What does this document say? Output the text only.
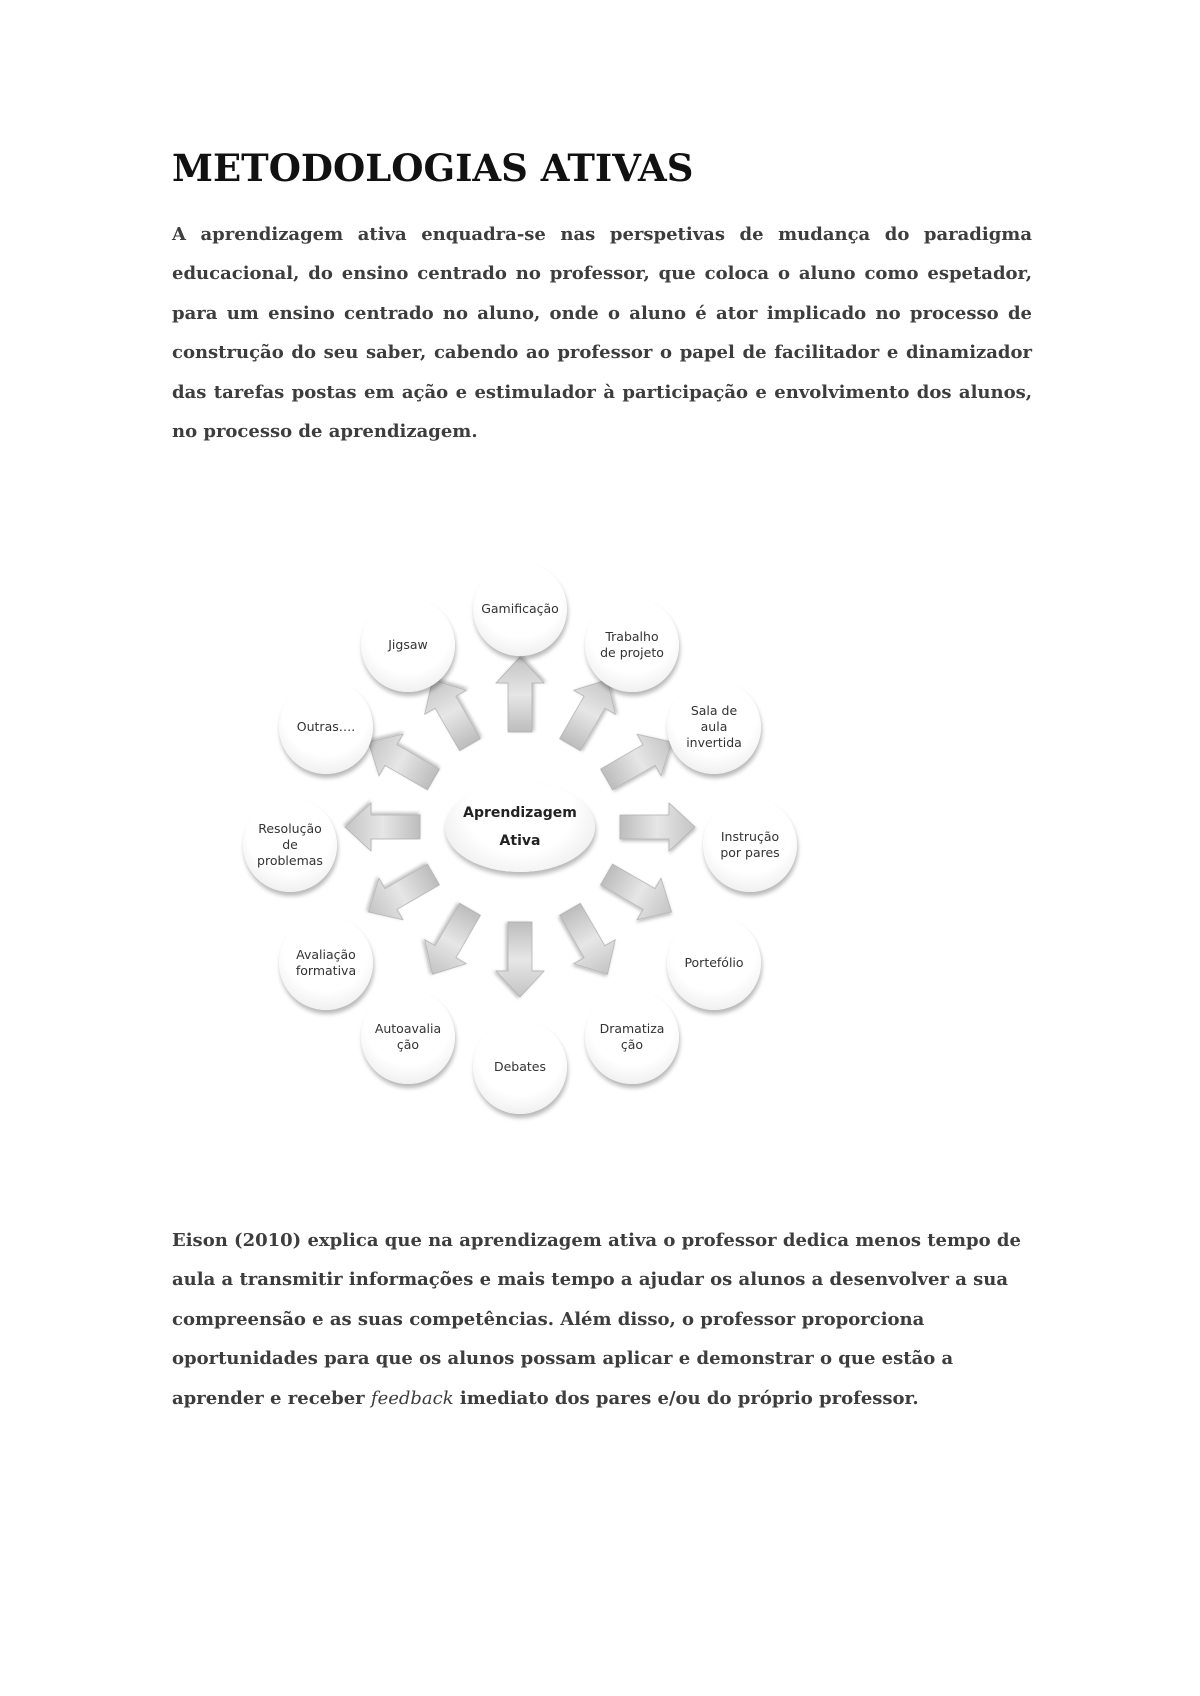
METODOLOGIAS ATIVAS

A aprendizagem ativa enquadra-se nas perspetivas de mudança do paradigma educacional, do ensino centrado no professor, que coloca o aluno como espetador, para um ensino centrado no aluno, onde o aluno é ator implicado no processo de construção do seu saber, cabendo ao professor o papel de facilitador e dinamizador das tarefas postas em ação e estimulador à participação e envolvimento dos alunos, no processo de aprendizagem.

Aprendizagem
Ativa
Gamificação
Trabalho
de projeto
Sala de
aula
invertida
Instrução
por pares
Portefólio
Dramatiza
ção
Debates
Autoavalia
ção
Avaliação
formativa
Resolução
de
problemas
Outras….
Jigsaw

Eison (2010) explica que na aprendizagem ativa o professor dedica menos tempo de aula a transmitir informações e mais tempo a ajudar os alunos a desenvolver a sua compreensão e as suas competências. Além disso, o professor proporciona oportunidades para que os alunos possam aplicar e demonstrar o que estão a aprender e receber feedback imediato dos pares e/ou do próprio professor.
